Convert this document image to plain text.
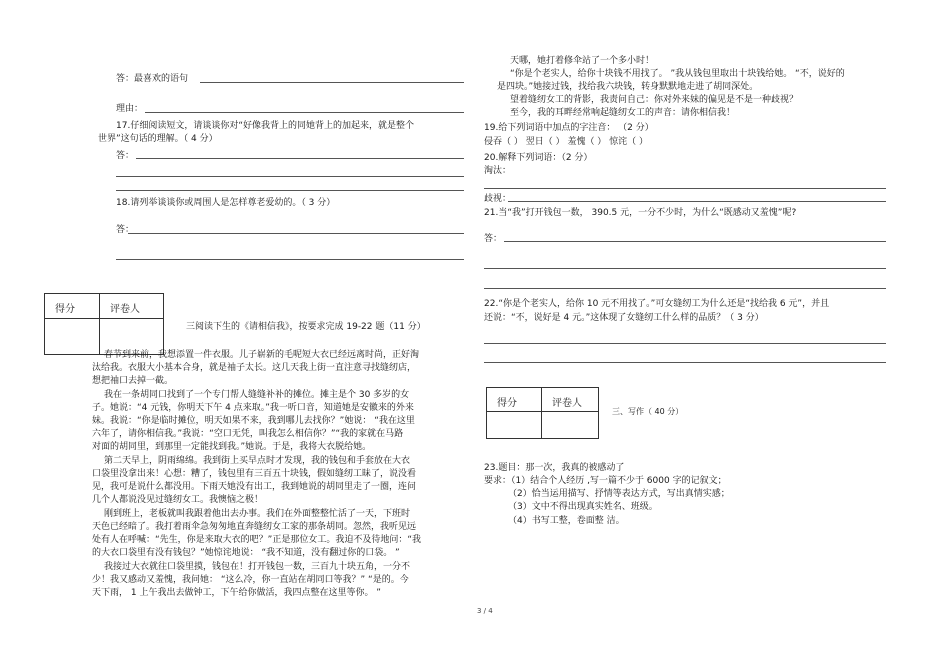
答：最喜欢的语句
理由：
17.仔细阅读短文，请谈谈你对“好像我背上的同她背上的加起来，就是整个
世界”这句话的理解。（ 4 分）
答：
18.请列举谈谈你或周围人是怎样尊老爱幼的。（ 3 分）
答：
得分	评卷人
三阅读下生的《请相信我》，按要求完成 19-22 题（11 分）
春节到来前，我想添置一件衣服。儿子崭新的毛呢短大衣已经远离时尚，正好淘
汰给我。衣服大小基本合身，就是袖子太长。这几天我上街一直注意寻找缝纫店，
想把袖口去掉一截。
我在一条胡同口找到了一个专门帮人缝缝补补的摊位。摊主是个 30 多岁的女
子。她说：“4 元钱，你明天下午 4 点来取。”我一听口音，知道她是安徽来的外来
妹。我说：“你是临时摊位，明天如果不来，我到哪儿去找你？”她说： “我在这里
六年了，请你相信我。”我说：“空口无凭，叫我怎么相信你？”“我的家就在马路
对面的胡同里，到那里一定能找到我。”她说。于是，我将大衣脱给她。
第二天早上，阴雨绵绵。我到街上买早点时才发现，我的钱包和手套放在大衣
口袋里没拿出来！心想：糟了，钱包里有三百五十块钱，假如缝纫工昧了，说没看
见，我可是说什么都没用。下雨天她没有出工，我到她说的胡同里走了一圈，连问
几个人都说没见过缝纫女工。我懊恼之极！
刚到班上，老板就叫我跟着他出去办事。我们在外面整整忙活了一天，下班时
天色已经暗了。我打着雨伞急匆匆地直奔缝纫女工家的那条胡同。忽然，我听见远
处有人在呼喊：“先生，你是来取大衣的吧？”正是那位女工。我迫不及待地问：“我
的大衣口袋里有没有钱包？”她惊诧地说： “我不知道，没有翻过你的口袋。 ”
我接过大衣就往口袋里摸，钱包在！打开钱包一数，三百九十块五角，一分不
少！我又感动又羞愧，我问她： “这么冷，你一直站在胡同口等我？” “是的。今
天下雨， 1 上午我出去做钟工，下午给你做活，我四点整在这里等你。 ”
天哪，她打着修伞站了一个多小时！
“你是个老实人，给你十块钱不用找了。 ”我从钱包里取出十块钱给她。 “不，说好的
是四块。”她接过钱，找给我六块钱，转身默默地走进了胡同深处。
望着缝纫女工的背影，我责问自己：你对外来妹的偏见是不是一种歧视？
至今，我的耳畔经常响起缝纫女工的声音：请你相信我！
19.给下列词语中加点的字注音： （2 分）
侵吞（ ） 翌日（ ） 羞愧（ ） 惊诧（ ）
20.解释下列词语：（2 分）
淘汰：
歧视：
21.当“我”打开钱包一数， 390.5 元，一分不少时，为什么“既感动又羞愧”呢?
答：
22.“你是个老实人，给你 10 元不用找了。”可女缝纫工为什么还是“找给我 6 元”，并且
还说：“不，说好是 4 元。”这体现了女缝纫工什么样的品质？（ 3 分）
得分	评卷人
三、写作（ 40 分）
23.题目：那一次，我真的被感动了
要求：（1）结合个人经历 ,写一篇不少于 6000 字的记叙文；
（2）恰当运用描写、抒情等表达方式，写出真情实感；
（3）文中不得出现真实姓名、班级。
（4）书写工整，卷面整 洁。
3 / 4
